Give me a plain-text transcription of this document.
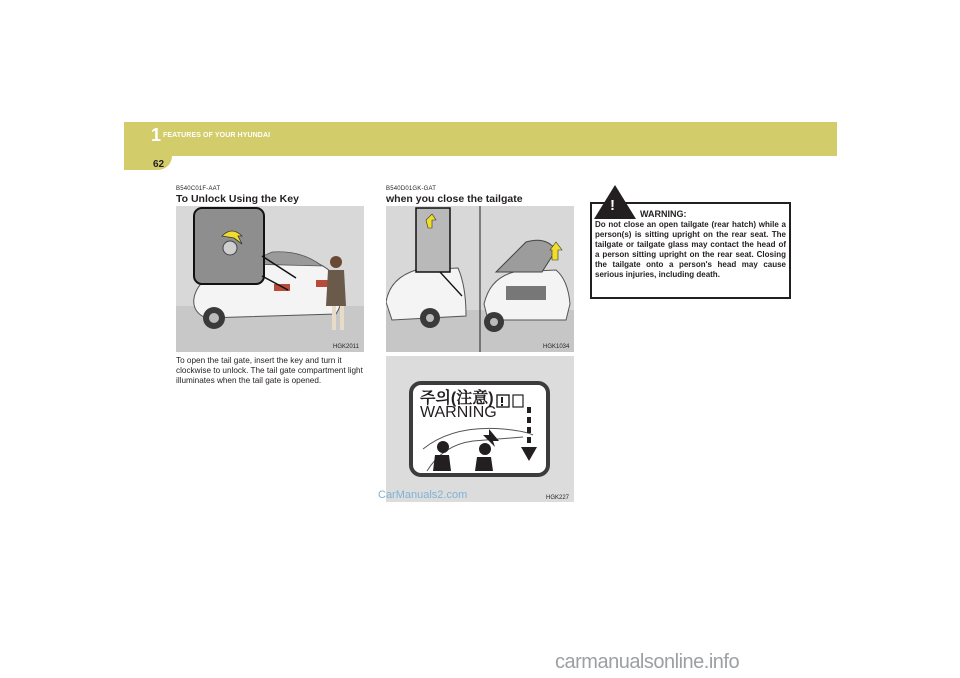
1 FEATURES OF YOUR HYUNDAI
62
B540C01F-AAT
To Unlock Using the Key
HGK2011
To open the tail gate, insert the key and turn it clockwise to unlock. The tail gate compartment light illuminates when the tail gate is opened.
B540D01GK-GAT
when you close the tailgate
HGK1034
주의(注意)
WARNING
HGK227
!	WARNING:
Do not close an open tailgate (rear hatch) while a person(s) is sitting upright on the rear seat. The tailgate or tailgate glass may contact the head of a person sitting upright on the rear seat. Closing the tailgate onto a person's head may cause serious injuries, including death.
CarManuals2.com
carmanualsonline.info
